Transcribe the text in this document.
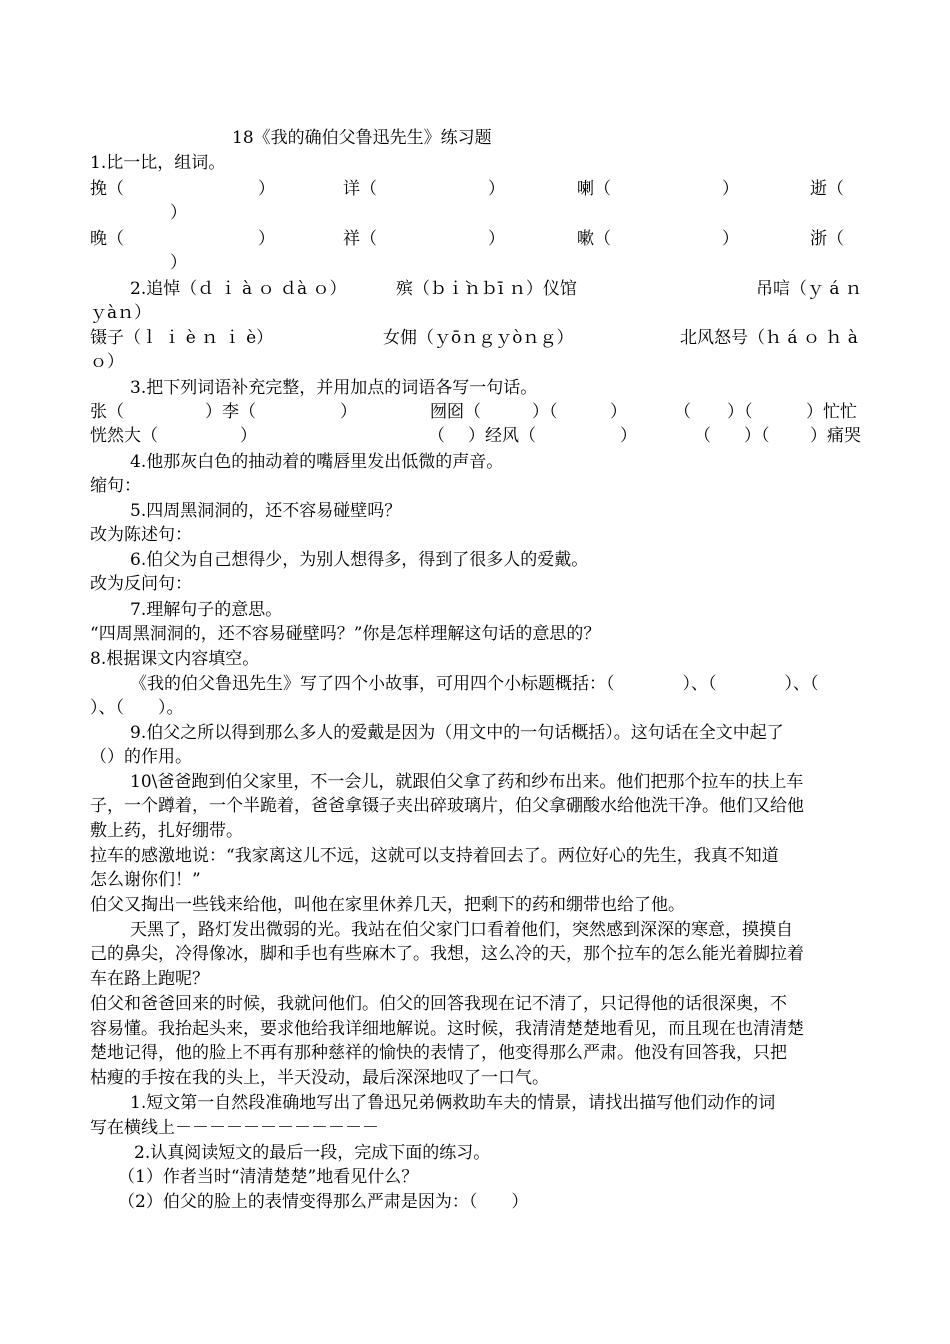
18《我的确伯父鲁迅先生》练习题
1.比一比，组词。
挽（	）	详（	）	喇（	）	逝（
）
晚（	）	祥（	）	嗽（	）	浙（
）
2.追悼（ｄ ｉ à ｏ ｄà ｏ）	殡（ｂｉ̀ｎｂī ｎ）仪馆	吊唁（ｙ á ｎ
ｙàｎ）
镊子（ｌ ｉ è ｎ ｉ è）	女佣（ｙōｎｇｙòｎｇ）	北风怒号（ｈ á ｏ ｈ à
ｏ）
3.把下列词语补充完整，并用加点的词语各写一句话。
张（	）李（	）	囫囵（	）（	）	（ ）（	）忙忙
恍然大（	）	（ ）经风（	）	（ ）（ ）痛哭
4.他那灰白色的抽动着的嘴唇里发出低微的声音。
缩句：
5.四周黑洞洞的，还不容易碰壁吗？
改为陈述句：
6.伯父为自己想得少，为别人想得多，得到了很多人的爱戴。
改为反问句：
7.理解句子的意思。
“四周黑洞洞的，还不容易碰壁吗？”你是怎样理解这句话的意思的？
8.根据课文内容填空。
《我的伯父鲁迅先生》写了四个小故事，可用四个小标题概括：（　　　　）、（　　　　）、（
）、（　　）。
9.伯父之所以得到那么多人的爱戴是因为（用文中的一句话概括）。这句话在全文中起了
（）的作用。
10\爸爸跑到伯父家里，不一会儿，就跟伯父拿了药和纱布出来。他们把那个拉车的扶上车
子，一个蹲着，一个半跪着，爸爸拿镊子夹出碎玻璃片，伯父拿硼酸水给他洗干净。他们又给他
敷上药，扎好绷带。
拉车的感激地说：“我家离这儿不远，这就可以支持着回去了。两位好心的先生，我真不知道
怎么谢你们！”
伯父又掏出一些钱来给他，叫他在家里休养几天，把剩下的药和绷带也给了他。
天黑了，路灯发出微弱的光。我站在伯父家门口看着他们，突然感到深深的寒意，摸摸自
己的鼻尖，冷得像冰，脚和手也有些麻木了。我想，这么冷的天，那个拉车的怎么能光着脚拉着
车在路上跑呢？
伯父和爸爸回来的时候，我就问他们。伯父的回答我现在记不清了，只记得他的话很深奥，不
容易懂。我抬起头来，要求他给我详细地解说。这时候，我清清楚楚地看见，而且现在也清清楚
楚地记得，他的脸上不再有那种慈祥的愉快的表情了，他变得那么严肃。他没有回答我，只把
枯瘦的手按在我的头上，半天没动，最后深深地叹了一口气。
1.短文第一自然段准确地写出了鲁迅兄弟俩救助车夫的情景，请找出描写他们动作的词
写在横线上－－－－－－－－－－－－
2.认真阅读短文的最后一段，完成下面的练习。
（1）作者当时“清清楚楚”地看见什么？
（2）伯父的脸上的表情变得那么严肃是因为：（　　）
